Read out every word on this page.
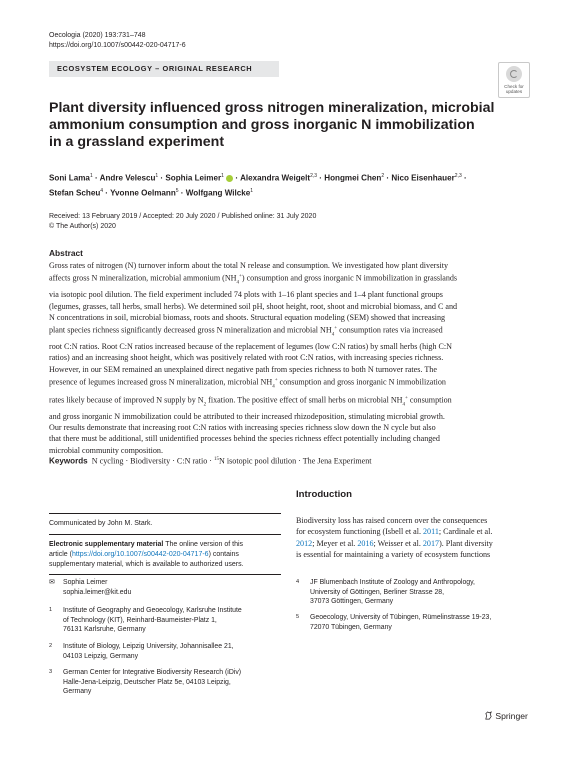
Oecologia (2020) 193:731–748
https://doi.org/10.1007/s00442-020-04717-6
ECOSYSTEM ECOLOGY – ORIGINAL RESEARCH
Check for
updates
Plant diversity influenced gross nitrogen mineralization, microbial
ammonium consumption and gross inorganic N immobilization
in a grassland experiment
Soni Lama$^1$ · Andre Velescu$^1$ · Sophia Leimer$^1$  · Alexandra Weigelt$^{2,3}$ · Hongmei Chen$^2$ · Nico Eisenhauer$^{2,3}$ ·
Stefan Scheu$^4$ · Yvonne Oelmann$^5$ · Wolfgang Wilcke$^1$
Received: 13 February 2019 / Accepted: 20 July 2020 / Published online: 31 July 2020
© The Author(s) 2020
Abstract
Gross rates of nitrogen (N) turnover inform about the total N release and consumption. We investigated how plant diversity
affects gross N mineralization, microbial ammonium $(NH_4^+)$ consumption and gross inorganic N immobilization in grasslands
via isotopic pool dilution. The field experiment included 74 plots with 1–16 plant species and 1–4 plant functional groups
(legumes, grasses, tall herbs, small herbs). We determined soil pH, shoot height, root, shoot and microbial biomass, and C and
N concentrations in soil, microbial biomass, roots and shoots. Structural equation modeling (SEM) showed that increasing
plant species richness significantly decreased gross N mineralization and microbial $NH_4^+$ consumption rates via increased
root C:N ratios. Root C:N ratios increased because of the replacement of legumes (low C:N ratios) by small herbs (high C:N
ratios) and an increasing shoot height, which was positively related with root C:N ratios, with increasing species richness.
However, in our SEM remained an unexplained direct negative path from species richness to both N turnover rates. The
presence of legumes increased gross N mineralization, microbial $NH_4^+$ consumption and gross inorganic N immobilization
rates likely because of improved N supply by $N_2$ fixation. The positive effect of small herbs on microbial $NH_4^+$ consumption
and gross inorganic N immobilization could be attributed to their increased rhizodeposition, stimulating microbial growth.
Our results demonstrate that increasing root C:N ratios with increasing species richness slow down the N cycle but also
that there must be additional, still unidentified processes behind the species richness effect potentially including changed
microbial community composition.
Keywords  N cycling · Biodiversity · C:N ratio · $^{15}$N isotopic pool dilution · The Jena Experiment
Introduction
Biodiversity loss has raised concern over the consequences
for ecosystem functioning (Isbell et al. 2011; Cardinale et al.
2012; Meyer et al. 2016; Weisser et al. 2017). Plant diversity
is essential for maintaining a variety of ecosystem functions
Communicated by John M. Stark.
Electronic supplementary material The online version of this
article (https://doi.org/10.1007/s00442-020-04717-6) contains
supplementary material, which is available to authorized users.
✉ Sophia Leimer
sophia.leimer@kit.edu
1 Institute of Geography and Geoecology, Karlsruhe Institute
of Technology (KIT), Reinhard-Baumeister-Platz 1,
76131 Karlsruhe, Germany
2 Institute of Biology, Leipzig University, Johannisallee 21,
04103 Leipzig, Germany
3 German Center for Integrative Biodiversity Research (iDiv)
Halle-Jena-Leipzig, Deutscher Platz 5e, 04103 Leipzig,
Germany
4 JF Blumenbach Institute of Zoology and Anthropology,
University of Göttingen, Berliner Strasse 28,
37073 Göttingen, Germany
5 Geoecology, University of Tübingen, Rümelinstrasse 19-23,
72070 Tübingen, Germany
Springer
